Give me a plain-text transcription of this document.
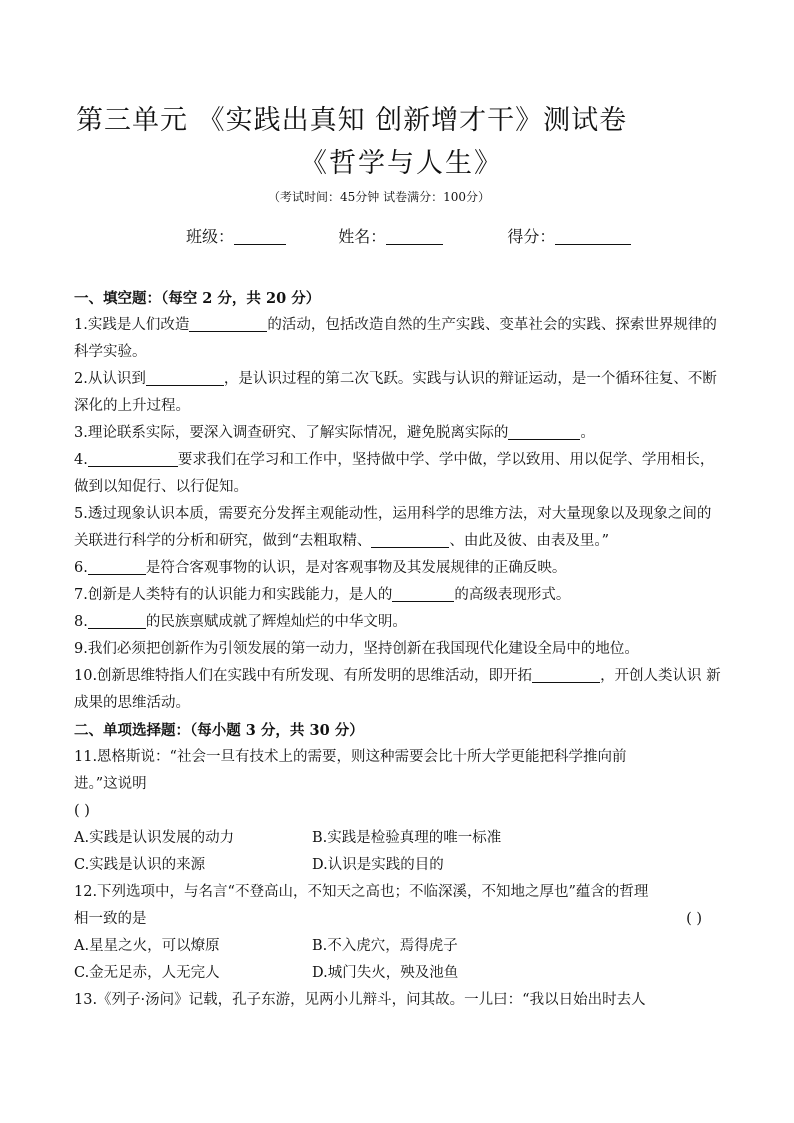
第三单元 《实践出真知 创新增才干》测试卷
《哲学与人生》
（考试时间：45分钟 试卷满分：100分）
班级：	姓名：	得分：

一、填空题：（每空 2 分，共 20 分）

1.实践是人们改造	的活动，包括改造自然的生产实践、变革社会的实践、探索世界规律的科学实验。

2.从认识到	，是认识过程的第二次飞跃。实践与认识的辩证运动，是一个循环往复、不断深化的上升过程。

3.理论联系实际，要深入调查研究、了解实际情况，避免脱离实际的	。

4.	要求我们在学习和工作中，坚持做中学、学中做，学以致用、用以促学、学用相长，做到以知促行、以行促知。

5.透过现象认识本质，需要充分发挥主观能动性，运用科学的思维方法，对大量现象以及现象之间的关联进行科学的分析和研究，做到“去粗取精、	、由此及彼、由表及里。”

6.	是符合客观事物的认识，是对客观事物及其发展规律的正确反映。

7.创新是人类特有的认识能力和实践能力，是人的	的高级表现形式。

8.	的民族禀赋成就了辉煌灿烂的中华文明。

9.我们必须把创新作为引领发展的第一动力，坚持创新在我国现代化建设全局中的地位。

10.创新思维特指人们在实践中有所发现、有所发明的思维活动，即开拓	，开创人类认识 新成果的思维活动。

二、单项选择题：（每小题 3 分，共 30 分）

11.恩格斯说：“社会一旦有技术上的需要，则这种需要会比十所大学更能把科学推向前

进。”这说明

( )

A.实践是认识发展的动力	B.实践是检验真理的唯一标准
C.实践是认识的来源	D.认识是实践的目的

12.下列选项中，与名言“不登高山，不知天之高也；不临深溪，不知地之厚也”蕴含的哲理

相一致的是	( )

A.星星之火，可以燎原	B.不入虎穴，焉得虎子
C.金无足赤，人无完人	D.城门失火，殃及池鱼

13.《列子·汤问》记载，孔子东游，见两小儿辩斗，问其故。一儿曰：“我以日始出时去人
